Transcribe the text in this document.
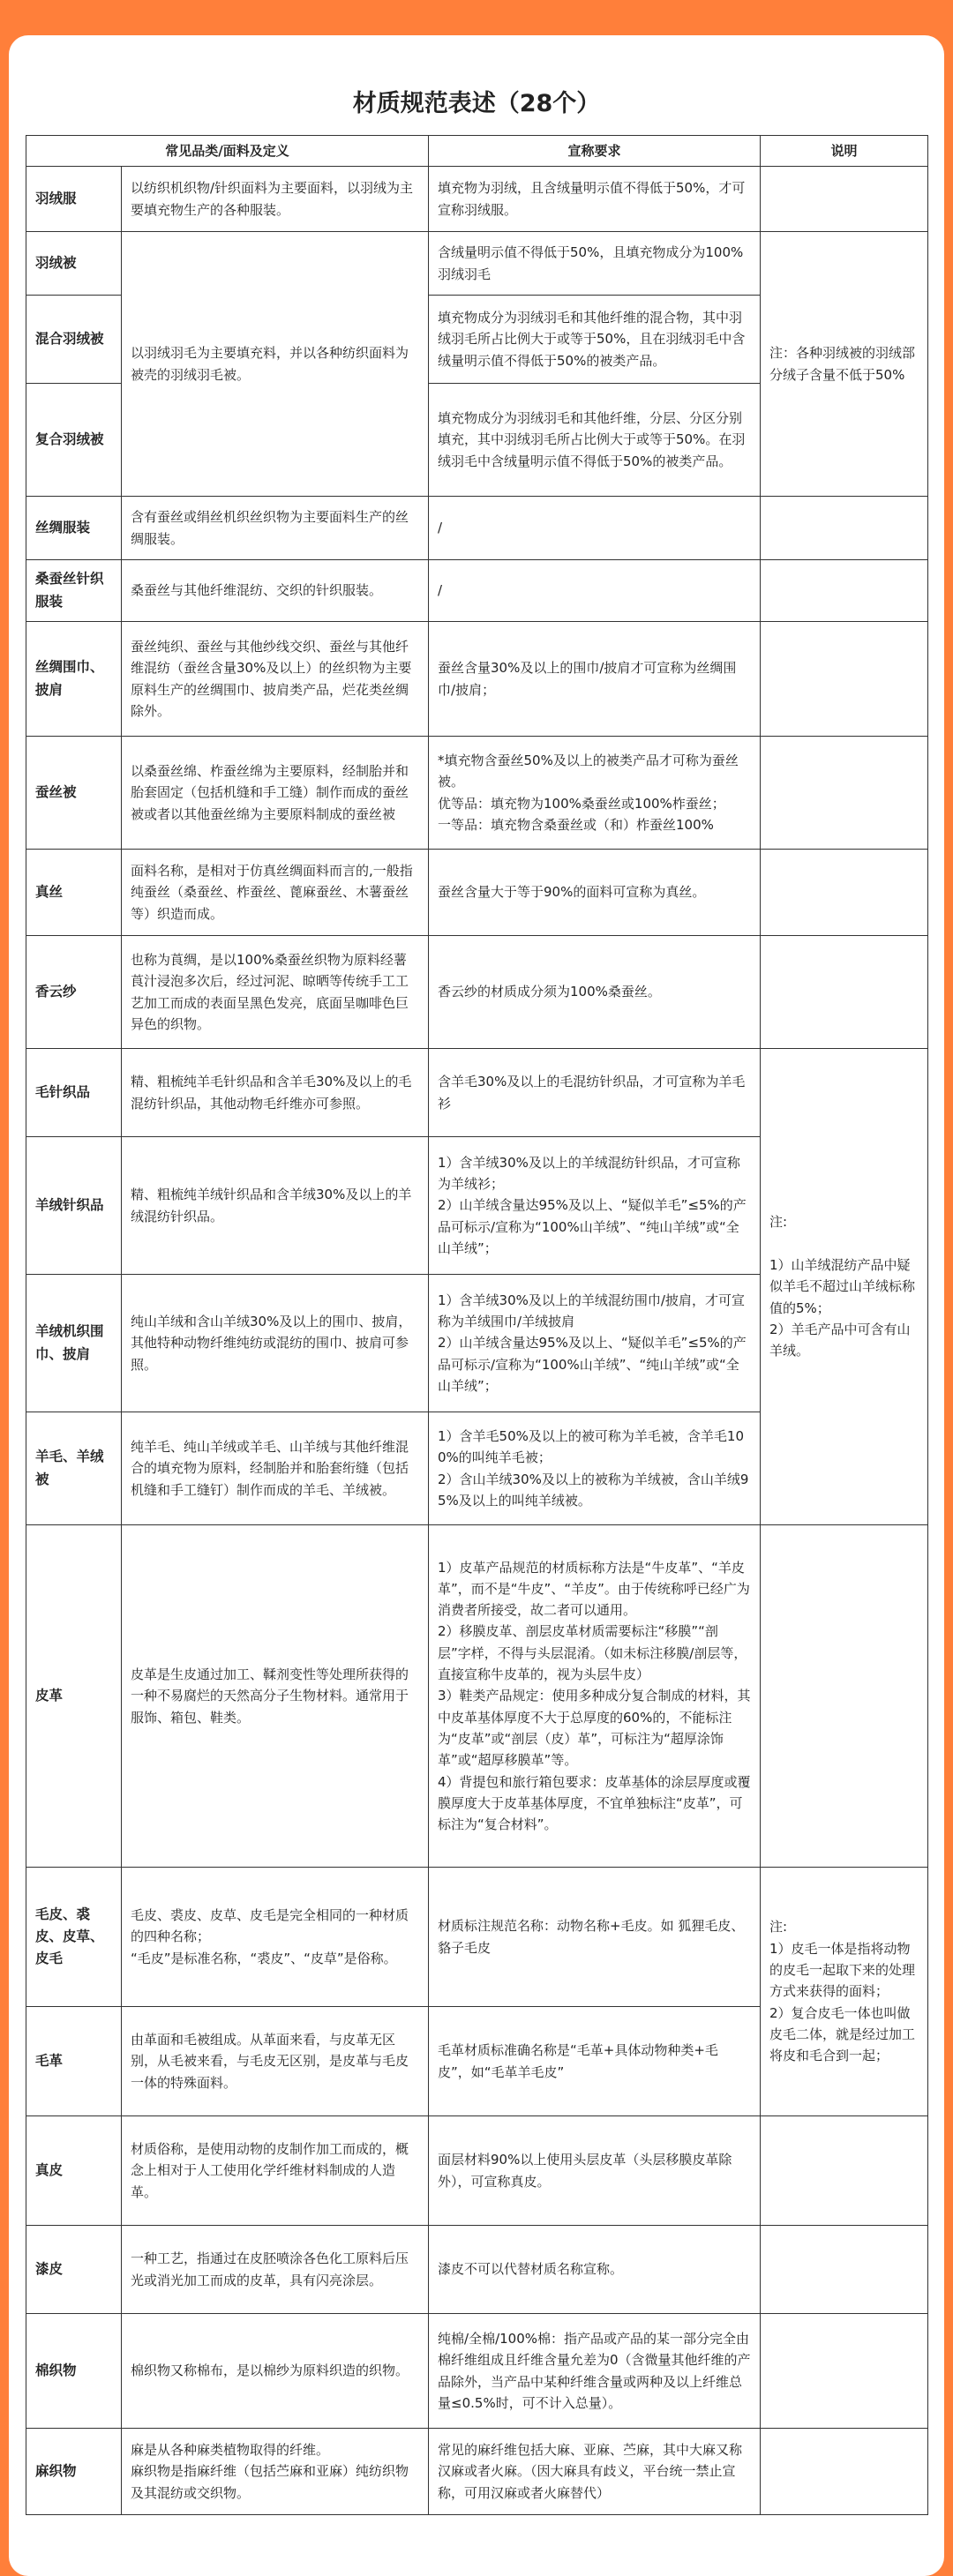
材质规范表述（28个）
常见品类/面料及定义		宣称要求	说明
羽绒服	以纺织机织物/针织面料为主要面料，以羽绒为主要填充物生产的各种服装。	填充物为羽绒，且含绒量明示值不得低于50%，才可宣称羽绒服。	
羽绒被	以羽绒羽毛为主要填充料，并以各种纺织面料为被壳的羽绒羽毛被。	含绒量明示值不得低于50%，且填充物成分为100%羽绒羽毛	注：各种羽绒被的羽绒部分绒子含量不低于50%
混合羽绒被		填充物成分为羽绒羽毛和其他纤维的混合物，其中羽绒羽毛所占比例大于或等于50%，且在羽绒羽毛中含绒量明示值不得低于50%的被类产品。	
复合羽绒被		填充物成分为羽绒羽毛和其他纤维，分层、分区分别填充，其中羽绒羽毛所占比例大于或等于50%。在羽绒羽毛中含绒量明示值不得低于50%的被类产品。	
丝绸服装	含有蚕丝或绢丝机织丝织物为主要面料生产的丝绸服装。	/	
桑蚕丝针织服装	桑蚕丝与其他纤维混纺、交织的针织服装。	/	
丝绸围巾、披肩	蚕丝纯织、蚕丝与其他纱线交织、蚕丝与其他纤维混纺（蚕丝含量30%及以上）的丝织物为主要原料生产的丝绸围巾、披肩类产品，烂花类丝绸除外。	蚕丝含量30%及以上的围巾/披肩才可宣称为丝绸围巾/披肩；	
蚕丝被	以桑蚕丝绵、柞蚕丝绵为主要原料，经制胎并和胎套固定（包括机缝和手工缝）制作而成的蚕丝被或者以其他蚕丝绵为主要原料制成的蚕丝被	*填充物含蚕丝50%及以上的被类产品才可称为蚕丝被。
优等品：填充物为100%桑蚕丝或100%柞蚕丝；
一等品：填充物含桑蚕丝或（和）柞蚕丝100%	
真丝	面料名称，是相对于仿真丝绸面料而言的,一般指纯蚕丝（桑蚕丝、柞蚕丝、蓖麻蚕丝、木薯蚕丝等）织造而成。	蚕丝含量大于等于90%的面料可宣称为真丝。	
香云纱	也称为莨绸，是以100%桑蚕丝织物为原料经薯莨汁浸泡多次后，经过河泥、晾晒等传统手工工艺加工而成的表面呈黑色发亮，底面呈咖啡色巨异色的织物。	香云纱的材质成分须为100%桑蚕丝。	
毛针织品	精、粗梳纯羊毛针织品和含羊毛30%及以上的毛混纺针织品，其他动物毛纤维亦可参照。	含羊毛30%及以上的毛混纺针织品，才可宣称为羊毛衫	注:

1）山羊绒混纺产品中疑似羊毛不超过山羊绒标称值的5%；
2）羊毛产品中可含有山羊绒。
羊绒针织品	精、粗梳纯羊绒针织品和含羊绒30%及以上的羊绒混纺针织品。	1）含羊绒30%及以上的羊绒混纺针织品，才可宣称为羊绒衫；
2）山羊绒含量达95%及以上、“疑似羊毛”≤5%的产品可标示/宣称为“100%山羊绒”、“纯山羊绒”或“全山羊绒”；	
羊绒机织围巾、披肩	纯山羊绒和含山羊绒30%及以上的围巾、披肩，其他特种动物纤维纯纺或混纺的围巾、披肩可参照。	1）含羊绒30%及以上的羊绒混纺围巾/披肩，才可宣称为羊绒围巾/羊绒披肩
2）山羊绒含量达95%及以上、“疑似羊毛”≤5%的产品可标示/宣称为“100%山羊绒”、“纯山羊绒”或“全山羊绒”；	
羊毛、羊绒被	纯羊毛、纯山羊绒或羊毛、山羊绒与其他纤维混合的填充物为原料，经制胎并和胎套绗缝（包括机缝和手工缝钉）制作而成的羊毛、羊绒被。	1）含羊毛50%及以上的被可称为羊毛被，含羊毛100%的叫纯羊毛被；
2）含山羊绒30%及以上的被称为羊绒被，含山羊绒95%及以上的叫纯羊绒被。	
皮革	皮革是生皮通过加工、鞣剂变性等处理所获得的一种不易腐烂的天然高分子生物材料。通常用于服饰、箱包、鞋类。	1）皮革产品规范的材质标称方法是“牛皮革”、“羊皮革”，而不是“牛皮”、“羊皮”。由于传统称呼已经广为消费者所接受，故二者可以通用。
2）移膜皮革、剖层皮革材质需要标注“移膜”“剖层”字样，不得与头层混淆。（如未标注移膜/剖层等，直接宣称牛皮革的，视为头层牛皮）
3）鞋类产品规定：使用多种成分复合制成的材料，其中皮革基体厚度不大于总厚度的60%的，不能标注为“皮革”或“剖层（皮）革”，可标注为“超厚涂饰革”或“超厚移膜革”等。
4）背提包和旅行箱包要求：皮革基体的涂层厚度或覆膜厚度大于皮革基体厚度，不宜单独标注“皮革”，可标注为“复合材料”。	
毛皮、裘皮、皮草、皮毛	毛皮、裘皮、皮草、皮毛是完全相同的一种材质的四种名称；
“毛皮”是标准名称，“裘皮”、“皮草”是俗称。	材质标注规范名称：动物名称+毛皮。如 狐狸毛皮、貉子毛皮	注:
1）皮毛一体是指将动物的皮毛一起取下来的处理方式来获得的面料；
2）复合皮毛一体也叫做皮毛二体，就是经过加工将皮和毛合到一起；
毛革	由革面和毛被组成。从革面来看，与皮革无区别，从毛被来看，与毛皮无区别，是皮革与毛皮一体的特殊面料。	毛革材质标准确名称是“毛革+具体动物种类+毛皮”，如“毛革羊毛皮”	
真皮	材质俗称，是使用动物的皮制作加工而成的，概念上相对于人工使用化学纤维材料制成的人造革。	面层材料90%以上使用头层皮革（头层移膜皮革除外），可宣称真皮。	
漆皮	一种工艺，指通过在皮胚喷涂各色化工原料后压光或消光加工而成的皮革，具有闪亮涂层。	漆皮不可以代替材质名称宣称。	
棉织物	棉织物又称棉布，是以棉纱为原料织造的织物。	纯棉/全棉/100%棉：指产品或产品的某一部分完全由棉纤维组成且纤维含量允差为0（含微量其他纤维的产品除外，当产品中某种纤维含量或两种及以上纤维总量≤0.5%时，可不计入总量）。	
麻织物	麻是从各种麻类植物取得的纤维。
麻织物是指麻纤维（包括苎麻和亚麻）纯纺织物及其混纺或交织物。	常见的麻纤维包括大麻、亚麻、苎麻，其中大麻又称汉麻或者火麻。（因大麻具有歧义，平台统一禁止宣称，可用汉麻或者火麻替代）	
